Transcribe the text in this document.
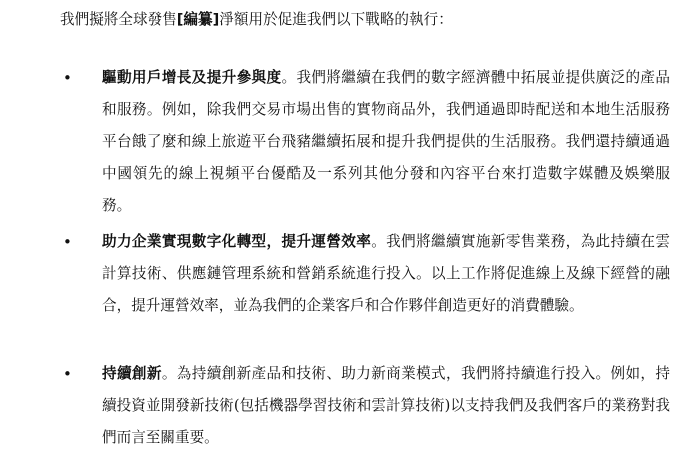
我們擬將全球發售[編纂]淨額用於促進我們以下戰略的執行：

• 驅動用戶增長及提升參與度。我們將繼續在我們的數字經濟體中拓展並提供廣泛的產品和服務。例如，除我們交易市場出售的實物商品外，我們通過即時配送和本地生活服務平台餓了麼和線上旅遊平台飛豬繼續拓展和提升我們提供的生活服務。我們還持續通過中國領先的線上視頻平台優酷及一系列其他分發和內容平台來打造數字媒體及娛樂服務。

• 助力企業實現數字化轉型，提升運營效率。我們將繼續實施新零售業務，為此持續在雲計算技術、供應鏈管理系統和營銷系統進行投入。以上工作將促進線上及線下經營的融合，提升運營效率，並為我們的企業客戶和合作夥伴創造更好的消費體驗。

• 持續創新。為持續創新產品和技術、助力新商業模式，我們將持續進行投入。例如，持續投資並開發新技術(包括機器學習技術和雲計算技術)以支持我們及我們客戶的業務對我們而言至關重要。
